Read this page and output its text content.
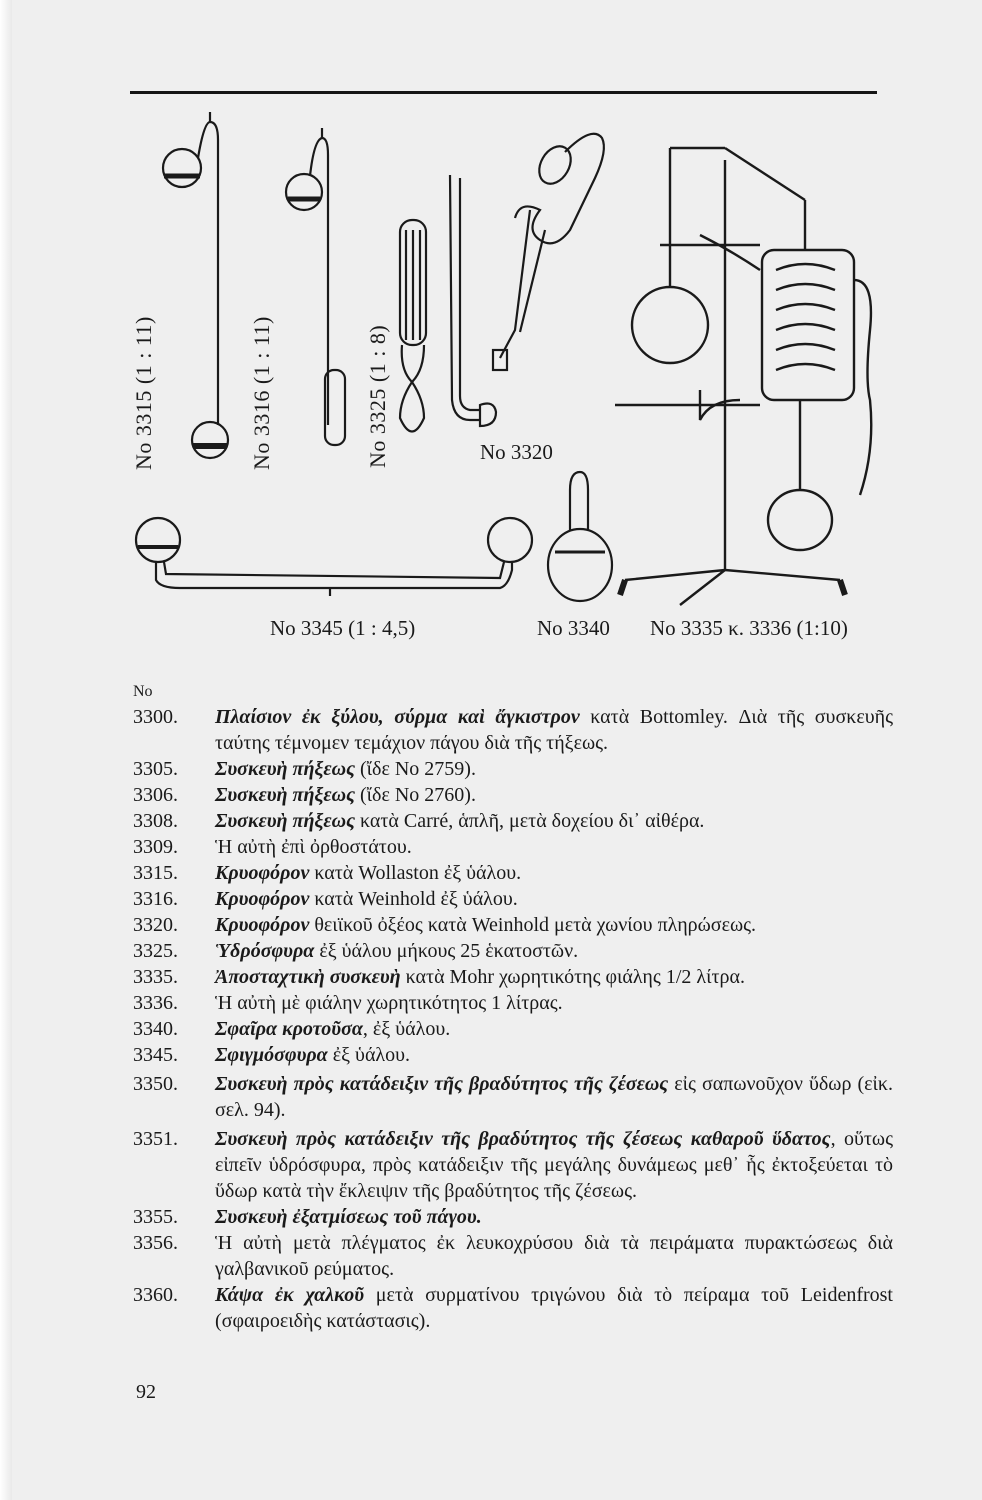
No 3315 (1 : 11)	No 3316 (1 : 11)	No 3325 (1 : 8)	No 3320
No 3345 (1 : 4,5)	No 3340 No 3335 κ. 3336 (1:10)
No
3300.	Πλαίσιον ἐκ ξύλου, σύρμα καὶ ἄγκιστρον κατὰ Bottomley. Διὰ τῆς συσκευῆς ταύτης τέμνομεν τεμάχιον πάγου διὰ τῆς τήξεως.
3305.	Συσκευὴ πήξεως (ἴδε Νο 2759).
3306.	Συσκευὴ πήξεως (ἴδε Νο 2760).
3308.	Συσκευὴ πήξεως κατὰ Carré, ἁπλῆ, μετὰ δοχείου δι᾽ αἰθέρα.
3309.	Ἡ αὐτὴ ἐπὶ ὀρθοστάτου.
3315.	Κρυοφόρον κατὰ Wollaston ἐξ ὑάλου.
3316.	Κρυοφόρον κατὰ Weinhold ἐξ ὑάλου.
3320.	Κρυοφόρον θειϊκοῦ ὀξέος κατὰ Weinhold μετὰ χωνίου πληρώσεως.
3325.	Ὑδρόσφυρα ἐξ ὑάλου μήκους 25 ἑκατοστῶν.
3335.	Ἀποσταχτικὴ συσκευὴ κατὰ Mohr χωρητικότης φιάλης 1/2 λίτρα.
3336.	Ἡ αὐτὴ μὲ φιάλην χωρητικότητος 1 λίτρας.
3340.	Σφαῖρα κροτοῦσα, ἐξ ὑάλου.
3345.	Σφιγμόσφυρα ἐξ ὑάλου.
3350.	Συσκευὴ πρὸς κατάδειξιν τῆς βραδύτητος τῆς ζέσεως εἰς σαπωνοῦχον ὕδωρ (εἰκ. σελ. 94).
3351.	Συσκευὴ πρὸς κατάδειξιν τῆς βραδύτητος τῆς ζέσεως καθαροῦ ὕδατος, οὕτως εἰπεῖν ὑδρόσφυρα, πρὸς κατάδειξιν τῆς μεγάλης δυνάμεως μεθ᾽ ἧς ἐκτοξεύεται τὸ ὕδωρ κατὰ τὴν ἔκλειψιν τῆς βραδύτητος τῆς ζέσεως.
3355.	Συσκευὴ ἐξατμίσεως τοῦ πάγου.
3356.	Ἡ αὐτὴ μετὰ πλέγματος ἐκ λευκοχρύσου διὰ τὰ πειράματα πυρακτώσεως διὰ γαλβανικοῦ ρεύματος.
3360.	Κάψα ἐκ χαλκοῦ μετὰ συρματίνου τριγώνου διὰ τὸ πείραμα τοῦ Leidenfrost (σφαιροειδὴς κατάστασις).
92
